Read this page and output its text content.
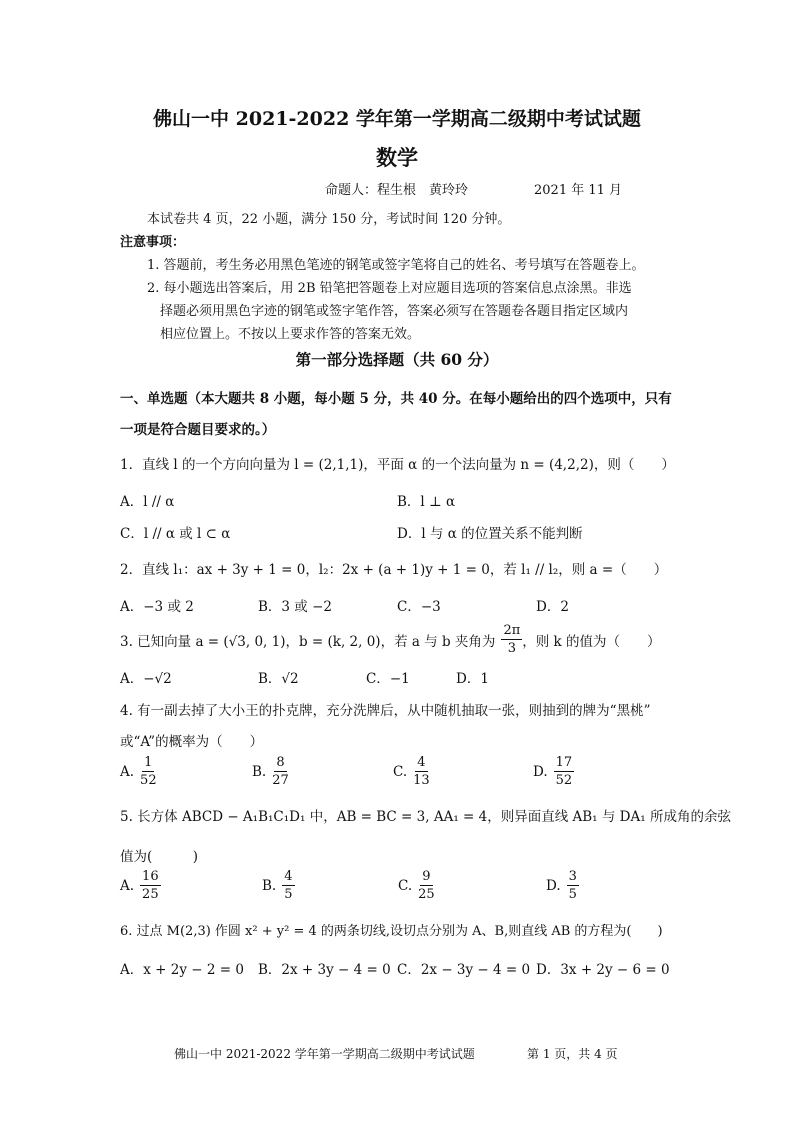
佛山一中 2021-2022 学年第一学期高二级期中考试试题
数学
命题人：程生根　黄玲玲	2021 年 11 月
本试卷共 4 页，22 小题，满分 150 分，考试时间 120 分钟。
注意事项：
1. 答题前，考生务必用黑色笔迹的钢笔或签字笔将自己的姓名、考号填写在答题卷上。
2. 每小题选出答案后，用 2B 铅笔把答题卷上对应题目选项的答案信息点涂黑。非选
择题必须用黑色字迹的钢笔或签字笔作答，答案必须写在答题卷各题目指定区域内
相应位置上。不按以上要求作答的答案无效。
第一部分选择题（共 60 分）
一、单选题（本大题共 8 小题，每小题 5 分，共 40 分。在每小题给出的四个选项中，只有
一项是符合题目要求的。）
1．直线 l 的一个方向向量为 l = (2,1,1)，平面 α 的一个法向量为 n = (4,2,2)，则（　　）
A．l // α	B．l ⊥ α
C．l // α 或 l ⊂ α	D．l 与 α 的位置关系不能判断
2．直线 l₁：ax + 3y + 1 = 0，l₂：2x + (a + 1)y + 1 = 0，若 l₁ // l₂，则 a =（　　）
A．−3 或 2	B．3 或 −2	C．−3	D．2
3. 已知向量 a = (√3, 0, 1)，b = (k, 2, 0)，若 a 与 b 夹角为 $\frac{2\pi}{3}$ ，则 k 的值为（　　）
A．−√2	B．√2	C．−1	D．1
4. 有一副去掉了大小王的扑克牌，充分洗牌后，从中随机抽取一张，则抽到的牌为“黑桃”
或“A”的概率为（　　）
A. $\frac{1}{52}$	B. $\frac{8}{27}$	C. $\frac{4}{13}$	D. $\frac{17}{52}$
5. 长方体 ABCD − A₁B₁C₁D₁ 中，AB = BC = 3, AA₁ = 4，则异面直线 AB₁ 与 DA₁ 所成角的余弦
值为(　　　)
A. $\frac{16}{25}$	B. $\frac{4}{5}$	C. $\frac{9}{25}$	D. $\frac{3}{5}$
6. 过点 M(2,3) 作圆 x² + y² = 4 的两条切线,设切点分别为 A、B,则直线 AB 的方程为(　　)
A．x + 2y − 2 = 0 B．2x + 3y − 4 = 0 C．2x − 3y − 4 = 0 D．3x + 2y − 6 = 0
佛山一中 2021-2022 学年第一学期高二级期中考试试题	第 1 页，共 4 页
